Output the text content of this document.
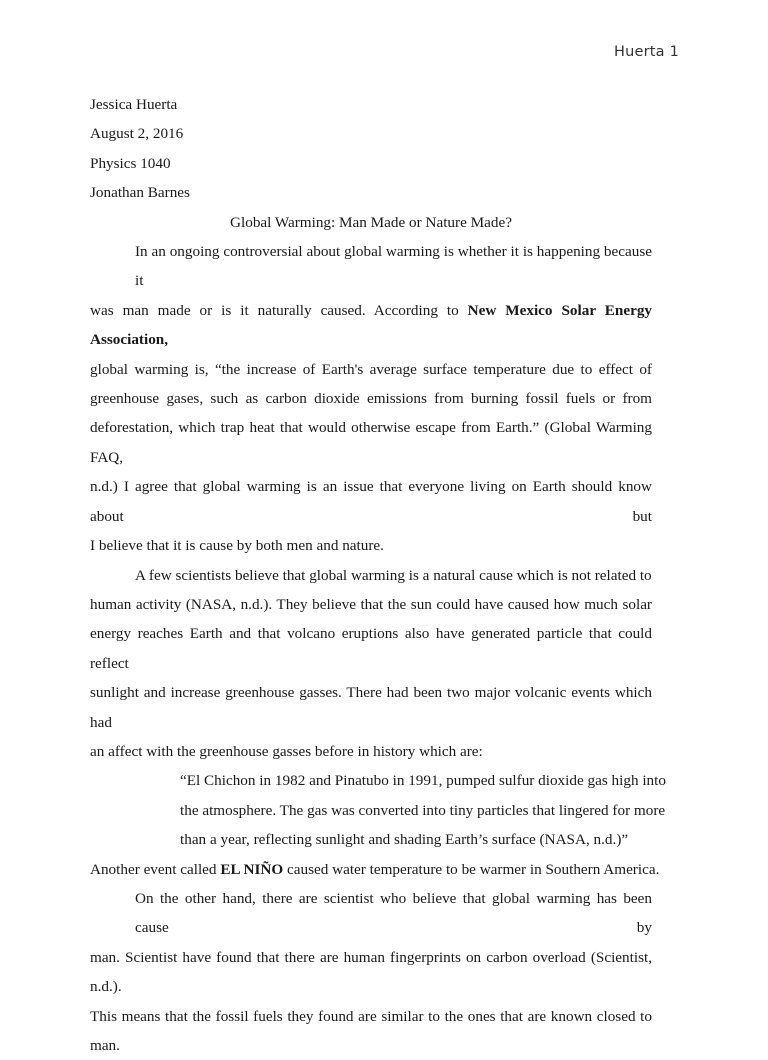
Huerta 1
Jessica Huerta
August 2, 2016
Physics 1040
Jonathan Barnes
Global Warming: Man Made or Nature Made?
In an ongoing controversial about global warming is whether it is happening because it
was man made or is it naturally caused. According to New Mexico Solar Energy Association,
global warming is, “the increase of Earth's average surface temperature due to effect of
greenhouse gases, such as carbon dioxide emissions from burning fossil fuels or from
deforestation, which trap heat that would otherwise escape from Earth.” (Global Warming FAQ,
n.d.) I agree that global warming is an issue that everyone living on Earth should know about but
I believe that it is cause by both men and nature.
A few scientists believe that global warming is a natural cause which is not related to
human activity (NASA, n.d.). They believe that the sun could have caused how much solar
energy reaches Earth and that volcano eruptions also have generated particle that could reflect
sunlight and increase greenhouse gasses. There had been two major volcanic events which had
an affect with the greenhouse gasses before in history which are:
“El Chichon in 1982 and Pinatubo in 1991, pumped sulfur dioxide gas high into
the atmosphere. The gas was converted into tiny particles that lingered for more
than a year, reflecting sunlight and shading Earth’s surface (NASA, n.d.)”
Another event called EL NIÑO caused water temperature to be warmer in Southern America.
On the other hand, there are scientist who believe that global warming has been cause by
man. Scientist have found that there are human fingerprints on carbon overload (Scientist, n.d.).
This means that the fossil fuels they found are similar to the ones that are known closed to man.
